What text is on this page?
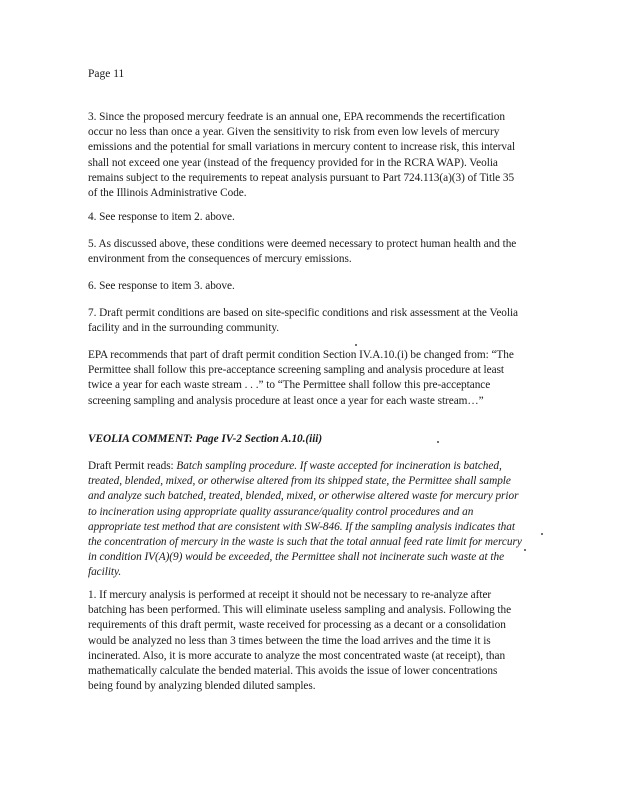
Page 11

3. Since the proposed mercury feedrate is an annual one, EPA recommends the recertification occur no less than once a year. Given the sensitivity to risk from even low levels of mercury emissions and the potential for small variations in mercury content to increase risk, this interval shall not exceed one year (instead of the frequency provided for in the RCRA WAP). Veolia remains subject to the requirements to repeat analysis pursuant to Part 724.113(a)(3) of Title 35 of the Illinois Administrative Code.

4. See response to item 2. above.

5. As discussed above, these conditions were deemed necessary to protect human health and the environment from the consequences of mercury emissions.

6. See response to item 3. above.

7. Draft permit conditions are based on site-specific conditions and risk assessment at the Veolia facility and in the surrounding community.

EPA recommends that part of draft permit condition Section IV.A.10.(i) be changed from: “The Permittee shall follow this pre-acceptance screening sampling and analysis procedure at least twice a year for each waste stream . . .” to “The Permittee shall follow this pre-acceptance screening sampling and analysis procedure at least once a year for each waste stream…”

VEOLIA COMMENT: Page IV-2 Section A.10.(iii)

Draft Permit reads: Batch sampling procedure. If waste accepted for incineration is batched, treated, blended, mixed, or otherwise altered from its shipped state, the Permittee shall sample and analyze such batched, treated, blended, mixed, or otherwise altered waste for mercury prior to incineration using appropriate quality assurance/quality control procedures and an appropriate test method that are consistent with SW-846. If the sampling analysis indicates that the concentration of mercury in the waste is such that the total annual feed rate limit for mercury in condition IV(A)(9) would be exceeded, the Permittee shall not incinerate such waste at the facility.

1. If mercury analysis is performed at receipt it should not be necessary to re-analyze after batching has been performed. This will eliminate useless sampling and analysis. Following the requirements of this draft permit, waste received for processing as a decant or a consolidation would be analyzed no less than 3 times between the time the load arrives and the time it is incinerated. Also, it is more accurate to analyze the most concentrated waste (at receipt), than mathematically calculate the bended material. This avoids the issue of lower concentrations being found by analyzing blended diluted samples.
